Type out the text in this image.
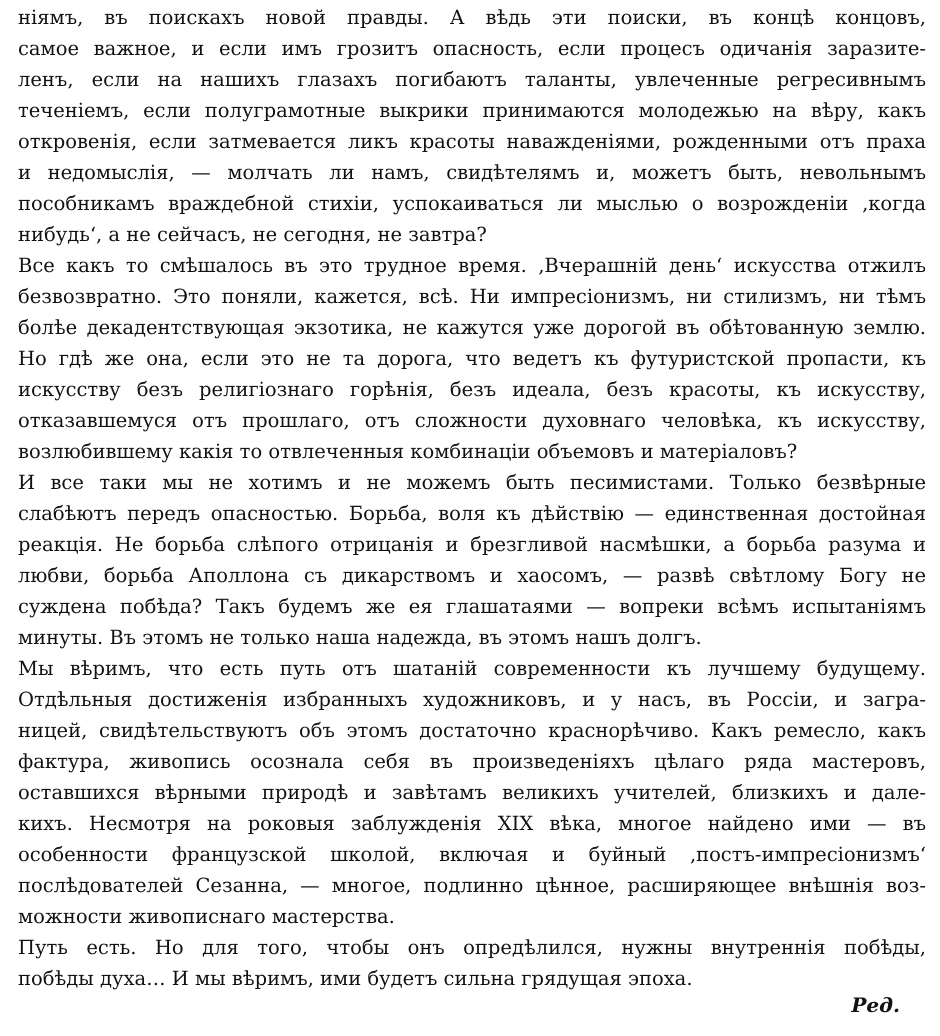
ніямъ, въ поискахъ новой правды. А вѣдь эти поиски, въ концѣ концовъ,
самое важное, и если имъ грозитъ опасность, если процесъ одичанія заразите-
ленъ, если на нашихъ глазахъ погибаютъ таланты, увлеченные регресивнымъ
теченіемъ, если полуграмотные выкрики принимаются молодежью на вѣру, какъ
откровенія, если затмевается ликъ красоты наважденіями, рожденными отъ праха
и недомыслія, — молчать ли намъ, свидѣтелямъ и, можетъ быть, невольнымъ
пособникамъ враждебной стихіи, успокаиваться ли мыслью о возрожденіи ‚когда
нибудь‘, а не сейчасъ, не сегодня, не завтра?
Все какъ то смѣшалось въ это трудное время. ‚Вчерашній день‘ искусства отжилъ
безвозвратно. Это поняли, кажется, всѣ. Ни импресіонизмъ, ни стилизмъ, ни тѣмъ
болѣе декадентствующая экзотика, не кажутся уже дорогой въ обѣтованную землю.
Но гдѣ же она, если это не та дорога, что ведетъ къ футуристской пропасти, къ
искусству безъ религіознаго горѣнія, безъ идеала, безъ красоты, къ искусству,
отказавшемуся отъ прошлаго, отъ сложности духовнаго человѣка, къ искусству,
возлюбившему какія то отвлеченныя комбинаціи объемовъ и матеріаловъ?
И все таки мы не хотимъ и не можемъ быть песимистами. Только безвѣрные
слабѣютъ передъ опасностью. Борьба, воля къ дѣйствію — единственная достойная
реакція. Не борьба слѣпого отрицанія и брезгливой насмѣшки, а борьба разума и
любви, борьба Аполлона съ дикарствомъ и хаосомъ, — развѣ свѣтлому Богу не
суждена побѣда? Такъ будемъ же ея глашатаями — вопреки всѣмъ испытаніямъ
минуты. Въ этомъ не только наша надежда, въ этомъ нашъ долгъ.
Мы вѣримъ, что есть путь отъ шатаній современности къ лучшему будущему.
Отдѣльныя достиженія избранныхъ художниковъ, и у насъ, въ Россіи, и загра-
ницей, свидѣтельствуютъ объ этомъ достаточно краснорѣчиво. Какъ ремесло, какъ
фактура, живопись осознала себя въ произведеніяхъ цѣлаго ряда мастеровъ,
оставшихся вѣрными природѣ и завѣтамъ великихъ учителей, близкихъ и дале-
кихъ. Несмотря на роковыя заблужденія XIX вѣка, многое найдено ими — въ
особенности французской школой, включая и буйный ‚постъ-импресіонизмъ‘
послѣдователей Сезанна, — многое, подлинно цѣнное, расширяющее внѣшнія воз-
можности живописнаго мастерства.
Путь есть. Но для того, чтобы онъ опредѣлился, нужны внутреннія побѣды,
побѣды духа… И мы вѣримъ, ими будетъ сильна грядущая эпоха.
Ред.
